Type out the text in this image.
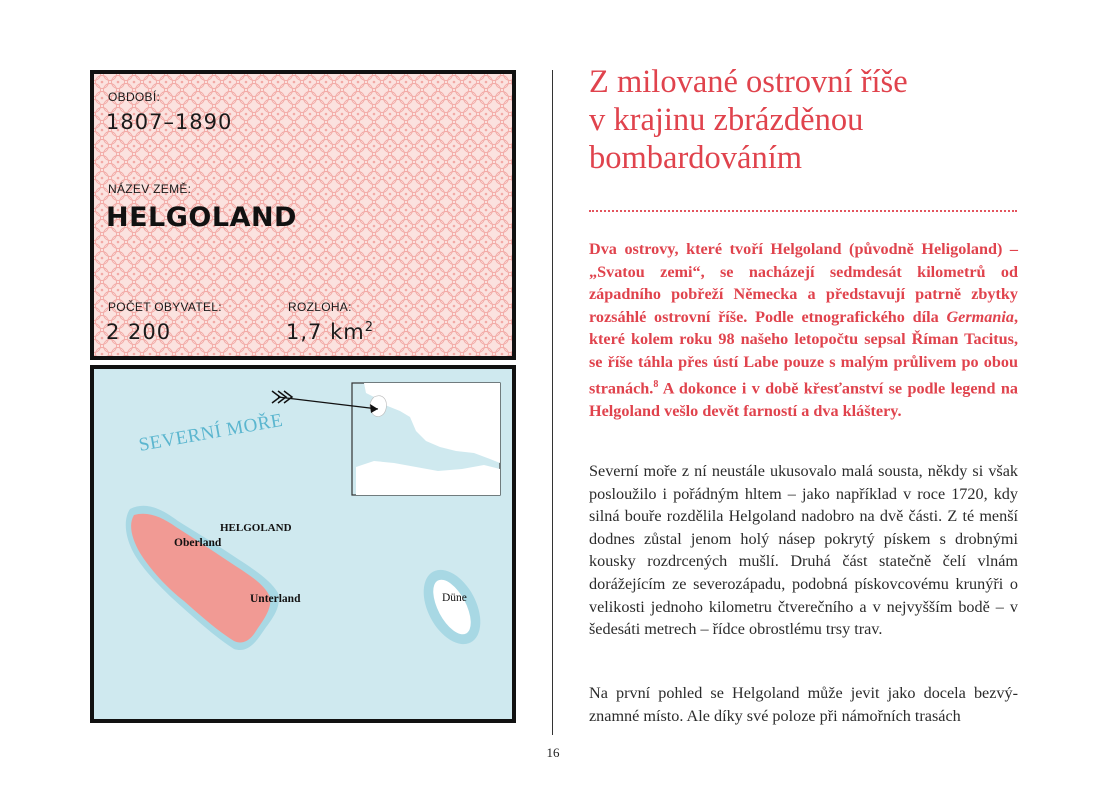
OBDOBÍ:
1807–1890
NÁZEV ZEMĚ:
HELGOLAND
POČET OBYVATEL:
2 200
ROZLOHA:
1,7 $km^2$
SEVERNÍ MOŘE
HELGOLAND
Oberland
Unterland	Düne
Z milované ostrovní říše
v krajinu zbrázděnou
bombardováním

Dva ostrovy, které tvoří Helgoland (původně Heligoland) – „Svatou zemi“, se nacházejí sedmdesát kilometrů od západního pobřeží Německa a představují patrně zbytky rozsáhlé ostrovní říše. Podle etnografického díla Germania, které kolem roku 98 našeho letopočtu sepsal Říman Tacitus, se říše táhla přes ústí Labe pouze s malým průlivem po obou stranách.$^8$ A dokonce i v době křesťanství se podle legend na Helgoland vešlo devět farností a dva kláštery.

Severní moře z ní neustále ukusovalo malá sousta, někdy si však posloužilo i pořádným hltem – jako například v roce 1720, kdy silná bouře rozdělila Helgoland nadobro na dvě části. Z té menší dodnes zůstal jenom holý násep pokrytý pískem s drobnými kousky rozdrcených mušlí. Druhá část statečně čelí vlnám dorážejícím ze severozápadu, podobná pískovcovému krunýři o velikosti jednoho kilometru čtverečního a v nejvyšším bodě – v šedesáti metrech – řídce obrostlému trsy trav.

Na první pohled se Helgoland může jevit jako docela bezvýznamné místo. Ale díky své poloze při námořních trasách

16
